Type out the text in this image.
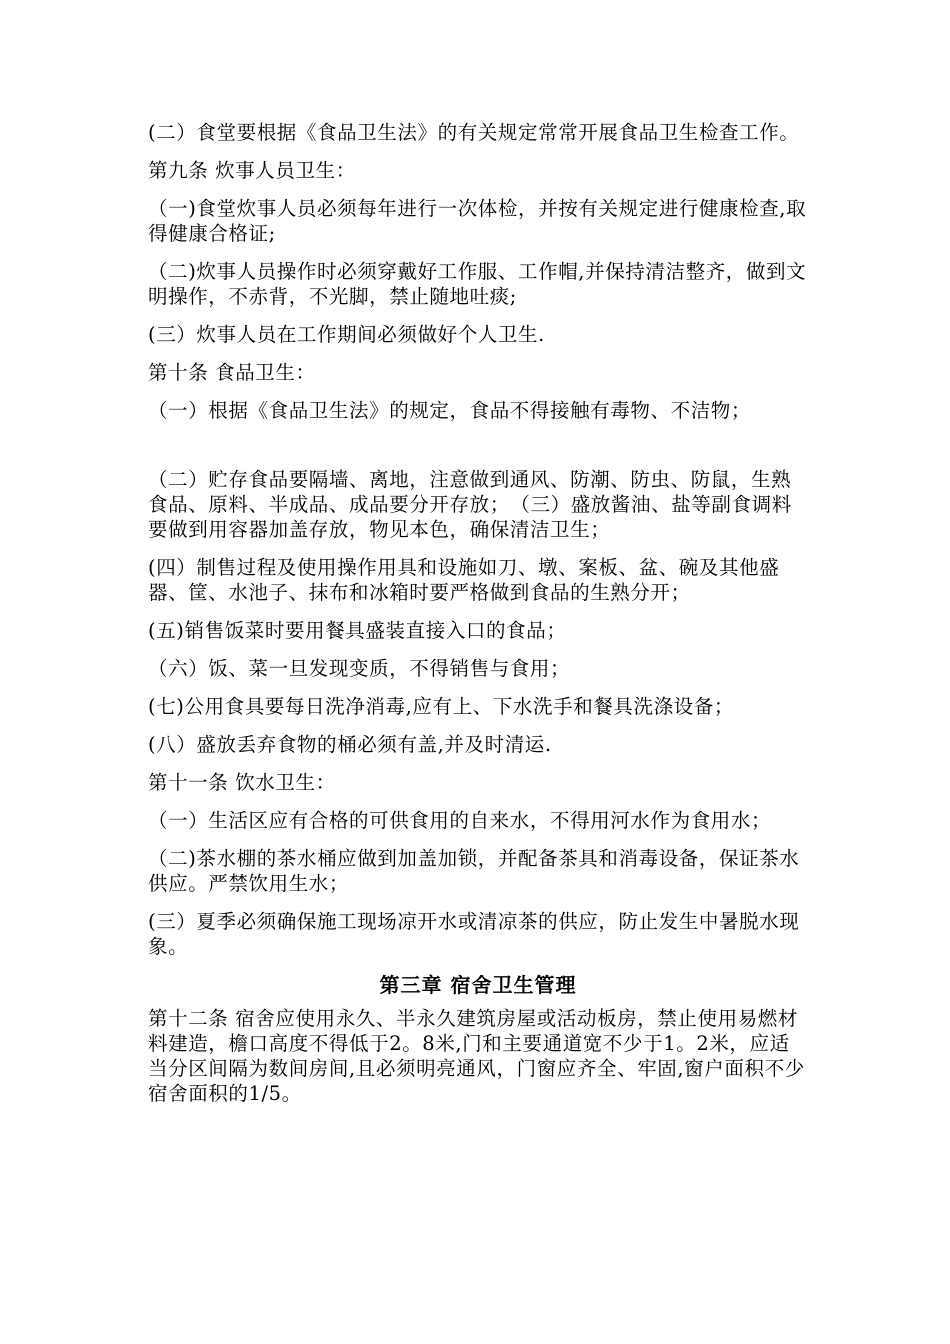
(二）食堂要根据《食品卫生法》的有关规定常常开展食品卫生检查工作。

第九条 炊事人员卫生：

（一)食堂炊事人员必须每年进行一次体检，并按有关规定进行健康检查,取得健康合格证;

（二)炊事人员操作时必须穿戴好工作服、工作帽,并保持清洁整齐，做到文明操作，不赤背，不光脚，禁止随地吐痰;

(三）炊事人员在工作期间必须做好个人卫生.

第十条 食品卫生：

（一）根据《食品卫生法》的规定，食品不得接触有毒物、不洁物；

（二）贮存食品要隔墙、离地，注意做到通风、防潮、防虫、防鼠，生熟食品、原料、半成品、成品要分开存放；　（三）盛放酱油、盐等副食调料要做到用容器加盖存放，物见本色，确保清洁卫生；

(四）制售过程及使用操作用具和设施如刀、墩、案板、盆、碗及其他盛器、筐、水池子、抹布和冰箱时要严格做到食品的生熟分开；

(五)销售饭菜时要用餐具盛装直接入口的食品；

（六）饭、菜一旦发现变质，不得销售与食用；

(七)公用食具要每日洗净消毒,应有上、下水洗手和餐具洗涤设备；

(八）盛放丢弃食物的桶必须有盖,并及时清运.

第十一条 饮水卫生：

（一）生活区应有合格的可供食用的自来水，不得用河水作为食用水；

（二)茶水棚的茶水桶应做到加盖加锁，并配备茶具和消毒设备，保证茶水供应。严禁饮用生水；

(三）夏季必须确保施工现场凉开水或清凉茶的供应，防止发生中暑脱水现象。

第三章 宿舍卫生管理

第十二条 宿舍应使用永久、半永久建筑房屋或活动板房，禁止使用易燃材料建造，檐口高度不得低于2。8米,门和主要通道宽不少于1。2米，应适当分区间隔为数间房间,且必须明亮通风，门窗应齐全、牢固,窗户面积不少宿舍面积的1/5。
